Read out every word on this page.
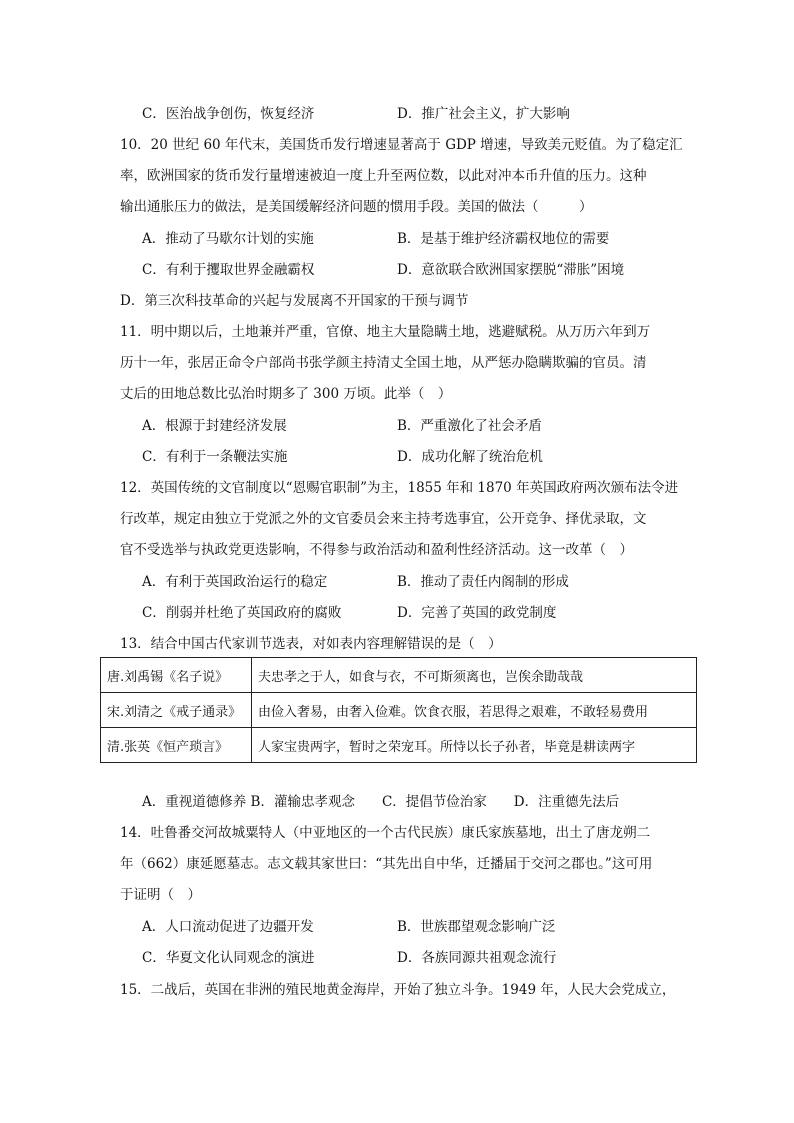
C．医治战争创伤，恢复经济	D．推广社会主义，扩大影响
10．20 世纪 60 年代末，美国货币发行增速显著高于 GDP 增速，导致美元贬值。为了稳定汇
率，欧洲国家的货币发行量增速被迫一度上升至两位数，以此对冲本币升值的压力。这种
输出通胀压力的做法，是美国缓解经济问题的惯用手段。美国的做法（　　　）
A．推动了马歇尔计划的实施	B．是基于维护经济霸权地位的需要
C．有利于攫取世界金融霸权	D．意欲联合欧洲国家摆脱“滞胀”困境
D．第三次科技革命的兴起与发展离不开国家的干预与调节
11．明中期以后，土地兼并严重，官僚、地主大量隐瞒土地，逃避赋税。从万历六年到万
历十一年，张居正命令户部尚书张学颜主持清丈全国土地，从严惩办隐瞒欺骗的官员。清
丈后的田地总数比弘治时期多了 300 万顷。此举（　）
A．根源于封建经济发展	B．严重激化了社会矛盾
C．有利于一条鞭法实施	D．成功化解了统治危机
12．英国传统的文官制度以“恩赐官职制”为主，1855 年和 1870 年英国政府两次颁布法令进
行改革，规定由独立于党派之外的文官委员会来主持考选事宜，公开竞争、择优录取，文
官不受选举与执政党更迭影响，不得参与政治活动和盈利性经济活动。这一改革（　）
A．有利于英国政治运行的稳定	B．推动了责任内阁制的形成
C．削弱并杜绝了英国政府的腐败	D．完善了英国的政党制度
13．结合中国古代家训节选表，对如表内容理解错误的是（　）
唐.刘禹锡《名子说》	夫忠孝之于人，如食与衣，不可斯须离也，岂俟余勖哉哉
宋.刘清之《戒子通录》	由俭入奢易，由奢入俭难。饮食衣服，若思得之艰难，不敢轻易费用
清.张英《恒产琐言》	人家宝贵两字，暂时之荣宠耳。所恃以长子孙者，毕竟是耕读两字
A．重视道德修养 B．灌输忠孝观念　　C．提倡节俭治家　　D．注重德先法后
14．吐鲁番交河故城粟特人（中亚地区的一个古代民族）康氏家族墓地，出土了唐龙朔二
年（662）康延愿墓志。志文载其家世曰：“其先出自中华，迁播届于交河之郡也。”这可用
于证明（　）
A．人口流动促进了边疆开发	B．世族郡望观念影响广泛
C．华夏文化认同观念的演进	D．各族同源共祖观念流行
15．二战后，英国在非洲的殖民地黄金海岸，开始了独立斗争。1949 年，人民大会党成立，
